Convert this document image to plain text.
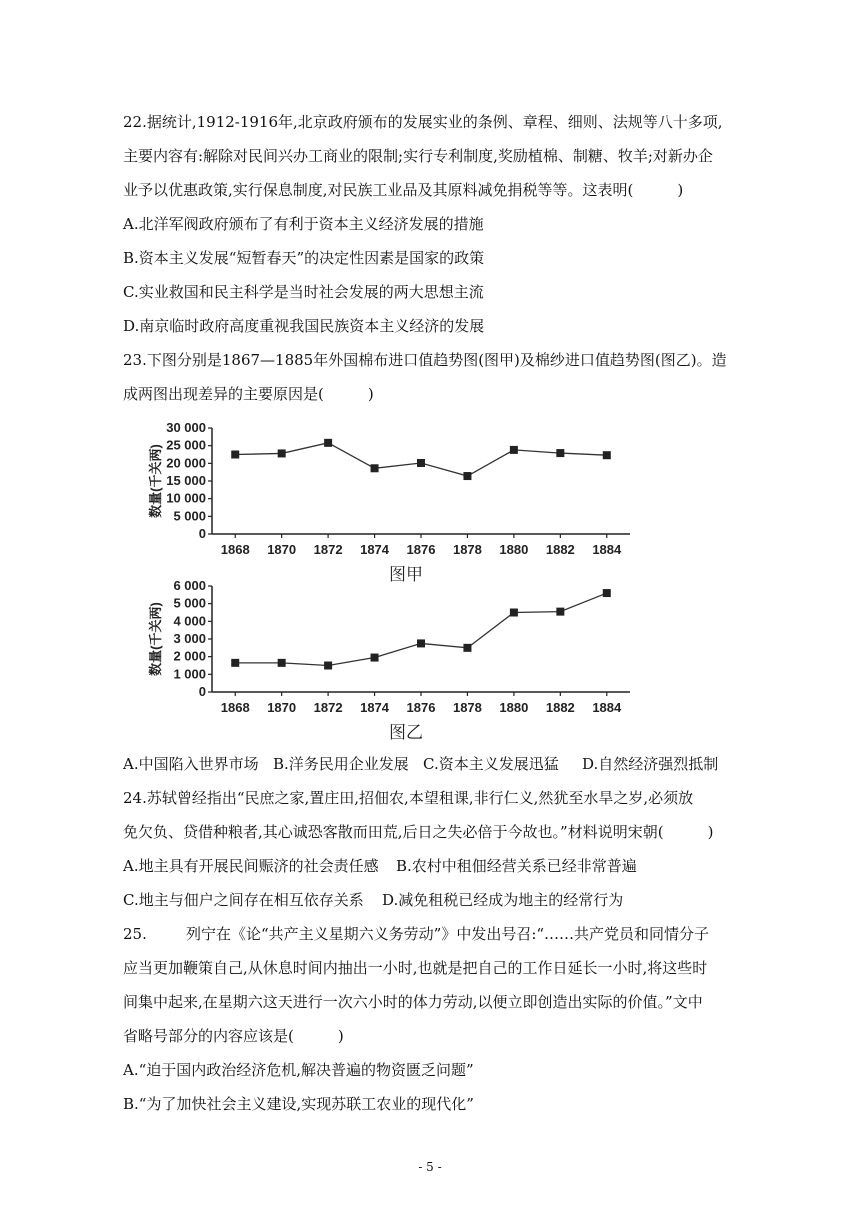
22.据统计,1912-1916年,北京政府颁布的发展实业的条例、章程、细则、法规等八十多项,
主要内容有:解除对民间兴办工商业的限制;实行专利制度,奖励植棉、制糖、牧羊;对新办企
业予以优惠政策,实行保息制度,对民族工业品及其原料减免捐税等等。这表明(	)
A.北洋军阀政府颁布了有利于资本主义经济发展的措施
B.资本主义发展“短暂春天”的决定性因素是国家的政策
C.实业救国和民主科学是当时社会发展的两大思想主流
D.南京临时政府高度重视我国民族资本主义经济的发展
23.下图分别是1867—1885年外国棉布进口值趋势图(图甲)及棉纱进口值趋势图(图乙)。造
成两图出现差异的主要原因是(	)
0
5 000
10 000
15 000
20 000
25 000
30 000
1868 1870 1872 1874 1876 1878 1880 1882 1884
数量(千关两)
图甲
0
1 000
2 000
3 000
4 000
5 000
6 000
1868 1870 1872 1874 1876 1878 1880 1882 1884
数量(千关两)
图乙
A.中国陷入世界市场 B.洋务民用企业发展 C.资本主义发展迅猛 D.自然经济强烈抵制
24.苏轼曾经指出“民庶之家,置庄田,招佃农,本望租课,非行仁义,然犹至水旱之岁,必须放
免欠负、贷借种粮者,其心诚恐客散而田荒,后日之失必倍于今故也。”材料说明宋朝(	)
A.地主具有开展民间赈济的社会责任感 B.农村中租佃经营关系已经非常普遍
C.地主与佃户之间存在相互依存关系 D.减免租税已经成为地主的经常行为
25.	列宁在《论“共产主义星期六义务劳动”》中发出号召:“……共产党员和同情分子
应当更加鞭策自己,从休息时间内抽出一小时,也就是把自己的工作日延长一小时,将这些时
间集中起来,在星期六这天进行一次六小时的体力劳动,以便立即创造出实际的价值。”文中
省略号部分的内容应该是(	)
A.“迫于国内政治经济危机,解决普遍的物资匮乏问题”
B.“为了加快社会主义建设,实现苏联工农业的现代化”
- 5 -
